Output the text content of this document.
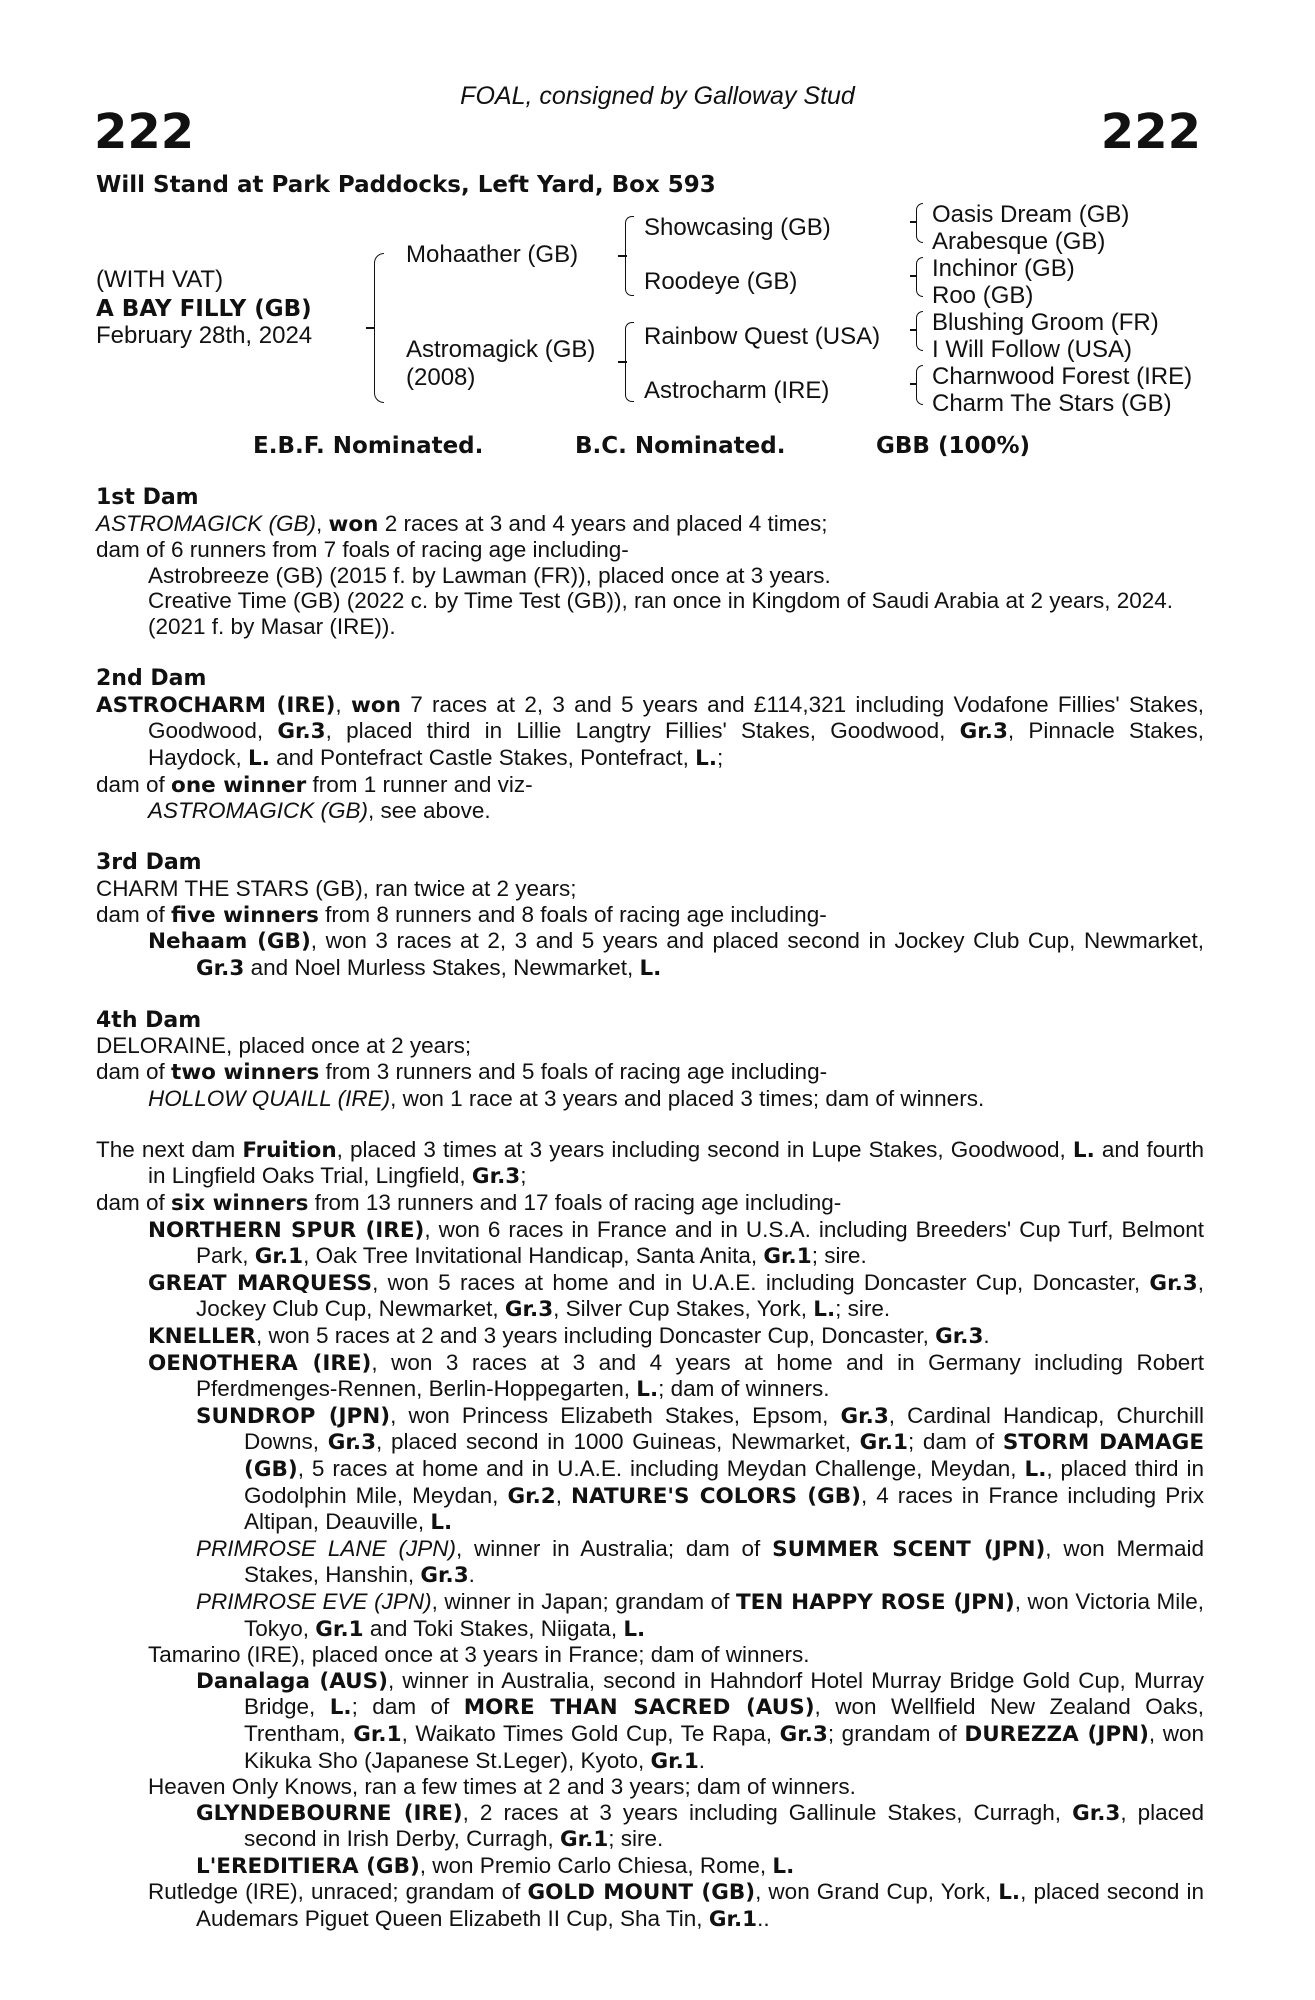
222	222
FOAL, consigned by Galloway Stud
Will Stand at Park Paddocks, Left Yard, Box 593
(WITH VAT)
A BAY FILLY (GB)
February 28th, 2024
Mohaather (GB)
Astromagick (GB)
(2008)
Showcasing (GB)
Roodeye (GB)
Rainbow Quest (USA)
Astrocharm (IRE)
Oasis Dream (GB)
Arabesque (GB)
Inchinor (GB)
Roo (GB)
Blushing Groom (FR)
I Will Follow (USA)
Charnwood Forest (IRE)
Charm The Stars (GB)
E.B.F. Nominated.	B.C. Nominated.	GBB (100%)

1st Dam

ASTROMAGICK (GB), won 2 races at 3 and 4 years and placed 4 times;

dam of 6 runners from 7 foals of racing age including-

Astrobreeze (GB) (2015 f. by Lawman (FR)), placed once at 3 years.

Creative Time (GB) (2022 c. by Time Test (GB)), ran once in Kingdom of Saudi Arabia at 2 years, 2024.

(2021 f. by Masar (IRE)).

2nd Dam

ASTROCHARM (IRE), won 7 races at 2, 3 and 5 years and £114,321 including Vodafone Fillies' Stakes, Goodwood, Gr.3, placed third in Lillie Langtry Fillies' Stakes, Goodwood, Gr.3, Pinnacle Stakes, Haydock, L. and Pontefract Castle Stakes, Pontefract, L.;

dam of one winner from 1 runner and viz-

ASTROMAGICK (GB), see above.

3rd Dam

CHARM THE STARS (GB), ran twice at 2 years;

dam of five winners from 8 runners and 8 foals of racing age including-

Nehaam (GB), won 3 races at 2, 3 and 5 years and placed second in Jockey Club Cup, Newmarket, Gr.3 and Noel Murless Stakes, Newmarket, L.

4th Dam

DELORAINE, placed once at 2 years;

dam of two winners from 3 runners and 5 foals of racing age including-

HOLLOW QUAILL (IRE), won 1 race at 3 years and placed 3 times; dam of winners.

The next dam Fruition, placed 3 times at 3 years including second in Lupe Stakes, Goodwood, L. and fourth in Lingfield Oaks Trial, Lingfield, Gr.3;

dam of six winners from 13 runners and 17 foals of racing age including-

NORTHERN SPUR (IRE), won 6 races in France and in U.S.A. including Breeders' Cup Turf, Belmont Park, Gr.1, Oak Tree Invitational Handicap, Santa Anita, Gr.1; sire.

GREAT MARQUESS, won 5 races at home and in U.A.E. including Doncaster Cup, Doncaster, Gr.3, Jockey Club Cup, Newmarket, Gr.3, Silver Cup Stakes, York, L.; sire.

KNELLER, won 5 races at 2 and 3 years including Doncaster Cup, Doncaster, Gr.3.

OENOTHERA (IRE), won 3 races at 3 and 4 years at home and in Germany including Robert Pferdmenges-Rennen, Berlin-Hoppegarten, L.; dam of winners.

SUNDROP (JPN), won Princess Elizabeth Stakes, Epsom, Gr.3, Cardinal Handicap, Churchill Downs, Gr.3, placed second in 1000 Guineas, Newmarket, Gr.1; dam of STORM DAMAGE (GB), 5 races at home and in U.A.E. including Meydan Challenge, Meydan, L., placed third in Godolphin Mile, Meydan, Gr.2, NATURE'S COLORS (GB), 4 races in France including Prix Altipan, Deauville, L.

PRIMROSE LANE (JPN), winner in Australia; dam of SUMMER SCENT (JPN), won Mermaid Stakes, Hanshin, Gr.3.

PRIMROSE EVE (JPN), winner in Japan; grandam of TEN HAPPY ROSE (JPN), won Victoria Mile, Tokyo, Gr.1 and Toki Stakes, Niigata, L.

Tamarino (IRE), placed once at 3 years in France; dam of winners.

Danalaga (AUS), winner in Australia, second in Hahndorf Hotel Murray Bridge Gold Cup, Murray Bridge, L.; dam of MORE THAN SACRED (AUS), won Wellfield New Zealand Oaks, Trentham, Gr.1, Waikato Times Gold Cup, Te Rapa, Gr.3; grandam of DUREZZA (JPN), won Kikuka Sho (Japanese St.Leger), Kyoto, Gr.1.

Heaven Only Knows, ran a few times at 2 and 3 years; dam of winners.

GLYNDEBOURNE (IRE), 2 races at 3 years including Gallinule Stakes, Curragh, Gr.3, placed second in Irish Derby, Curragh, Gr.1; sire.

L'EREDITIERA (GB), won Premio Carlo Chiesa, Rome, L.

Rutledge (IRE), unraced; grandam of GOLD MOUNT (GB), won Grand Cup, York, L., placed second in Audemars Piguet Queen Elizabeth II Cup, Sha Tin, Gr.1..
